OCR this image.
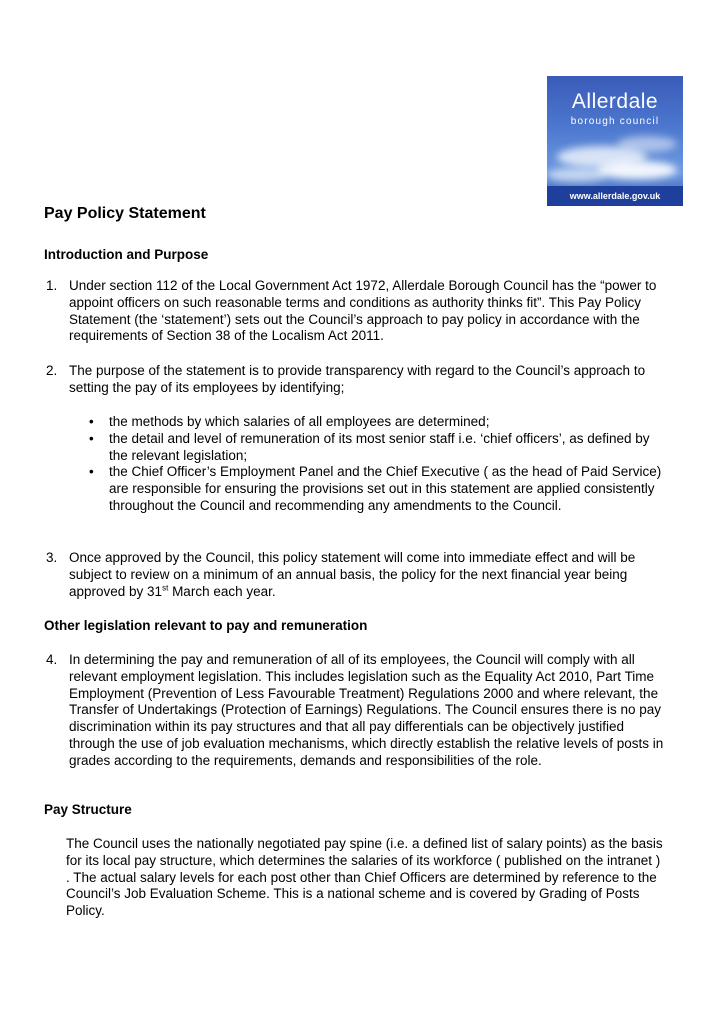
Allerdale
borough council
www.allerdale.gov.uk
Pay Policy Statement
Introduction and Purpose
1. Under section 112 of the Local Government Act 1972, Allerdale Borough Council has the “power to appoint officers on such reasonable terms and conditions as authority thinks fit”. This Pay Policy Statement (the ‘statement’) sets out the Council’s approach to pay policy in accordance with the requirements of Section 38 of the Localism Act 2011.
2. The purpose of the statement is to provide transparency with regard to the Council’s approach to setting the pay of its employees by identifying;
• the methods by which salaries of all employees are determined;
• the detail and level of remuneration of its most senior staff i.e. ‘chief officers’, as defined by the relevant legislation;
• the Chief Officer’s Employment Panel and the Chief Executive ( as the head of Paid Service) are responsible for ensuring the provisions set out in this statement are applied consistently throughout the Council and recommending any amendments to the Council.
3. Once approved by the Council, this policy statement will come into immediate effect and will be subject to review on a minimum of an annual basis, the policy for the next financial year being approved by 31st March each year.
Other legislation relevant to pay and remuneration
4. In determining the pay and remuneration of all of its employees, the Council will comply with all relevant employment legislation. This includes legislation such as the Equality Act 2010, Part Time Employment (Prevention of Less Favourable Treatment) Regulations 2000 and where relevant, the Transfer of Undertakings (Protection of Earnings) Regulations. The Council ensures there is no pay discrimination within its pay structures and that all pay differentials can be objectively justified through the use of job evaluation mechanisms, which directly establish the relative levels of posts in grades according to the requirements, demands and responsibilities of the role.
Pay Structure
The Council uses the nationally negotiated pay spine (i.e. a defined list of salary points) as the basis for its local pay structure, which determines the salaries of its workforce ( published on the intranet ) . The actual salary levels for each post other than Chief Officers are determined by reference to the Council’s Job Evaluation Scheme. This is a national scheme and is covered by Grading of Posts Policy.
